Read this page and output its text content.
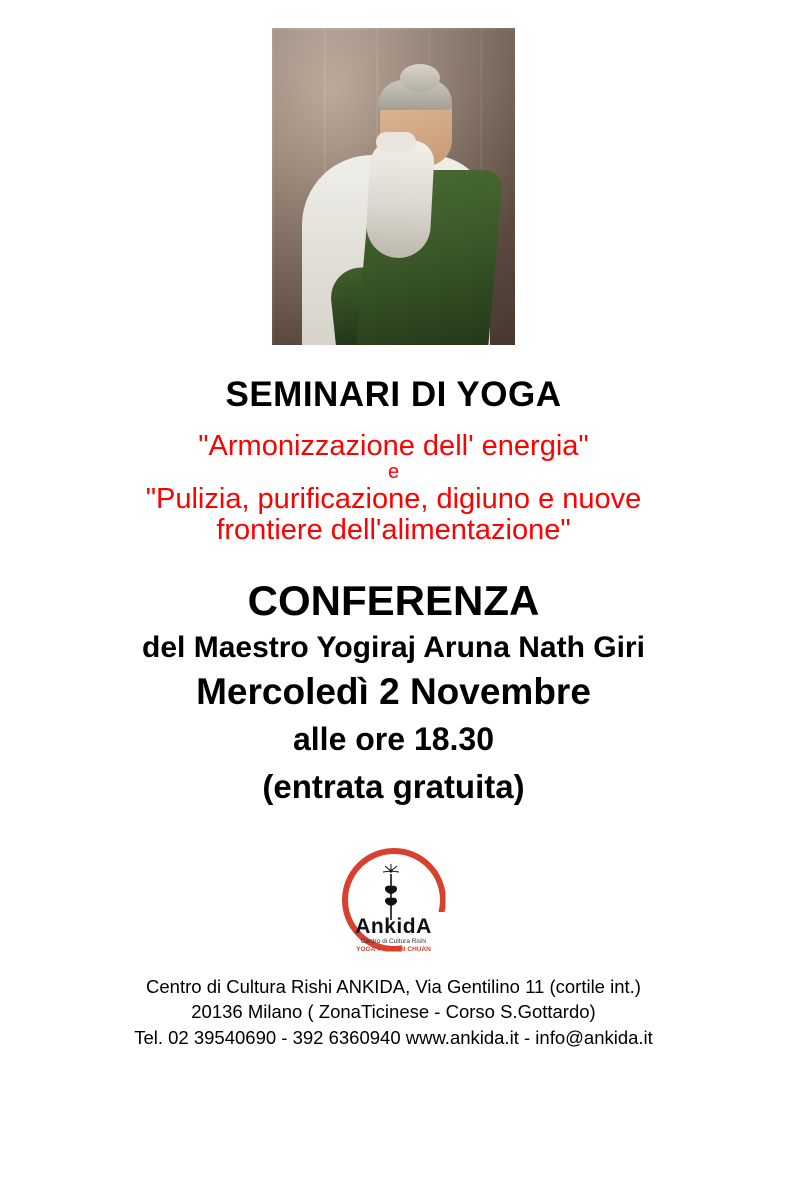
SEMINARI DI YOGA
"Armonizzazione dell' energia"
e
"Pulizia, purificazione, digiuno e nuove
frontiere dell'alimentazione"
CONFERENZA
del Maestro Yogiraj Aruna Nath Giri
Mercoledì 2 Novembre
alle ore 18.30
(entrata gratuita)
AnkidA
Centro di Cultura Rishi
YOGA ● TAI CHI CHUAN
Centro di Cultura Rishi ANKIDA, Via Gentilino 11 (cortile int.)
20136 Milano ( ZonaTicinese - Corso S.Gottardo)
Tel. 02 39540690 - 392 6360940 www.ankida.it - info@ankida.it
